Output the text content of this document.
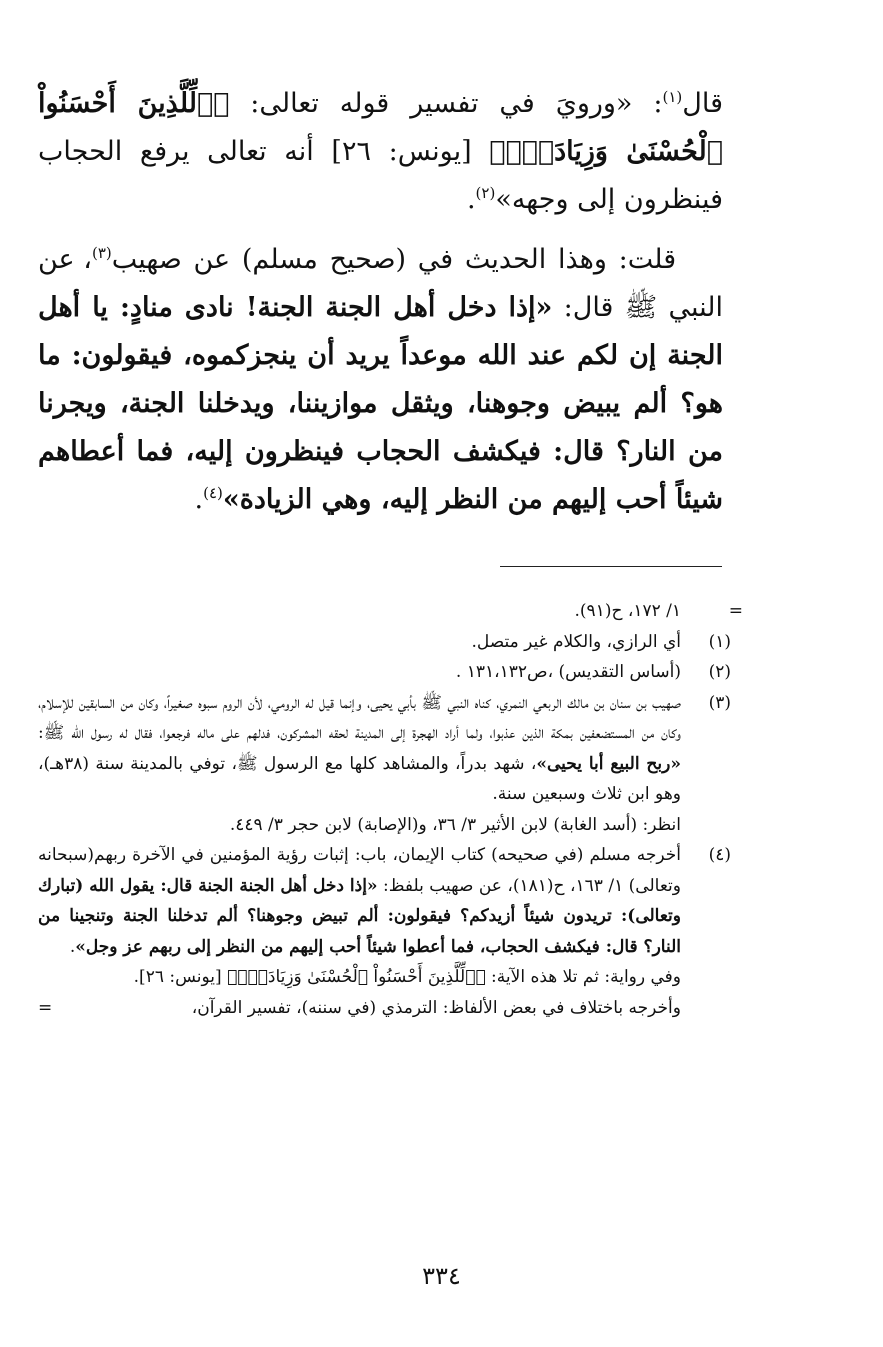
قال$^{(١)}$: «ورويَ في تفسير قوله تعالى: ﴿۞لِّلَّذِينَ أَحْسَنُواْ ٱلْحُسْنَىٰ وَزِيَادَةٌۖ﴾ [يونس: ٢٦] أنه تعالى يرفع الحجاب فينظرون إلى وجهه»$^{(٢)}$.

قلت: وهذا الحديث في (صحيح مسلم) عن صهيب$^{(٣)}$، عن النبي ﷺ قال: «إذا دخل أهل الجنة الجنة! نادى منادٍ: يا أهل الجنة إن لكم عند الله موعداً يريد أن ينجزكموه، فيقولون: ما هو؟ ألم يبيض وجوهنا، ويثقل موازيننا، ويدخلنا الجنة، ويجرنا من النار؟ قال: فيكشف الحجاب فينظرون إليه، فما أعطاهم شيئاً أحب إليهم من النظر إليه، وهي الزيادة»$^{(٤)}$.

=
١/ ١٧٢، ح(٩١).
(١)
أي الرازي، والكلام غير متصل.
(٢)
(أساس التقديس) ،ص١٣١،١٣٢ .
(٣)
صهيب بن سنان بن مالك الربعي النمري، كناه النبي ﷺ بأبي يحيى، وإنما قيل له الرومي، لأن الروم سبوه صغيراً، وكان من السابقين للإسلام، وكان من المستضعفين بمكة الذين عذبوا، ولما أراد الهجرة إلى المدينة لحقه المشركون، فدلهم على ماله فرجعوا، فقال له رسول الله ﷺ: «ربح البيع أبا يحيى»، شهد بدراً، والمشاهد كلها مع الرسول ﷺ، توفي بالمدينة سنة (٣٨هـ)، وهو ابن ثلاث وسبعين سنة.
انظر: (أسد الغابة) لابن الأثير ٣/ ٣٦، و(الإصابة) لابن حجر ٣/ ٤٤٩.
(٤)
أخرجه مسلم (في صحيحه) كتاب الإيمان، باب: إثبات رؤية المؤمنين في الآخرة ربهم(سبحانه وتعالى) ١/ ١٦٣، ح(١٨١)، عن صهيب بلفظ: «إذا دخل أهل الجنة الجنة قال: يقول الله (تبارك وتعالى): تريدون شيئاً أزيدكم؟ فيقولون: ألم تبيض وجوهنا؟ ألم تدخلنا الجنة وتنجينا من النار؟ قال: فيكشف الحجاب، فما أعطوا شيئاً أحب إليهم من النظر إلى ربهم عز وجل».
وفي رواية: ثم تلا هذه الآية: ﴿۞لِّلَّذِينَ أَحْسَنُواْ ٱلْحُسْنَىٰ وَزِيَادَةٌۖ﴾ [يونس: ٢٦].
وأخرجه باختلاف في بعض الألفاظ: الترمذي (في سننه)، تفسير القرآن،
=
٣٣٤
